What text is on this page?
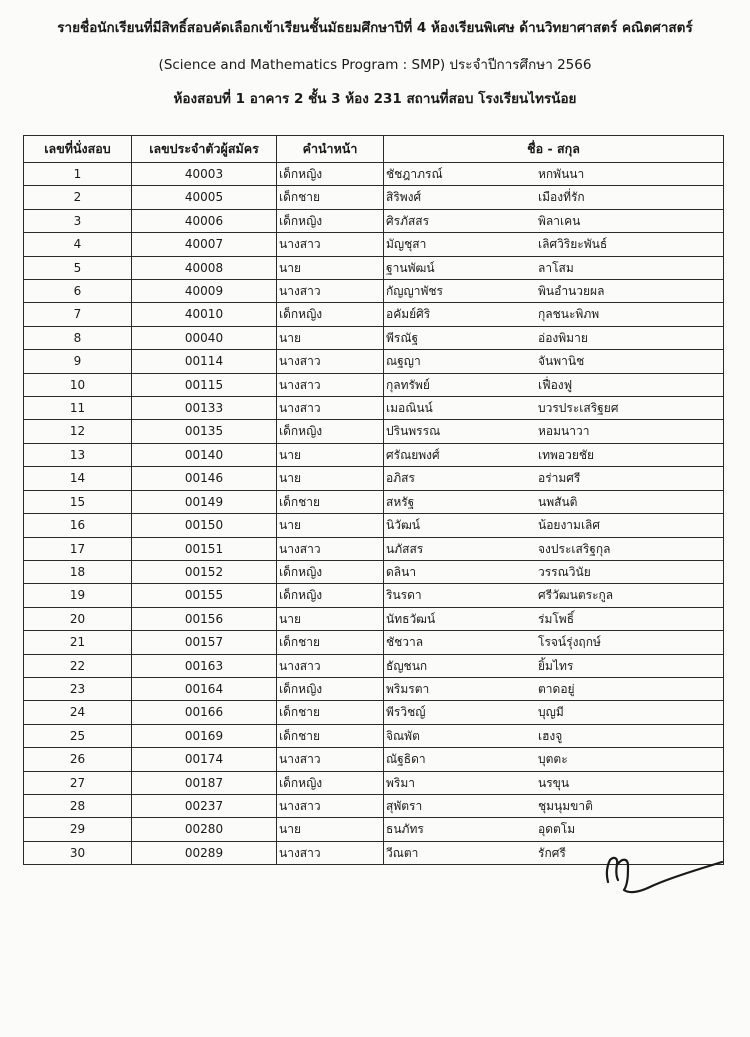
รายชื่อนักเรียนที่มีสิทธิ์สอบคัดเลือกเข้าเรียนชั้นมัธยมศึกษาปีที่ 4 ห้องเรียนพิเศษ ด้านวิทยาศาสตร์ คณิตศาสตร์
(Science and Mathematics Program : SMP) ประจำปีการศึกษา 2566
ห้องสอบที่ 1 อาคาร 2 ชั้น 3 ห้อง 231 สถานที่สอบ โรงเรียนไทรน้อย
เลขที่นั่งสอบ	เลขประจำตัวผู้สมัคร	คำนำหน้า	ชื่อ - สกุล
1	40003	เด็กหญิง	ชัชฎาภรณ์ หกพันนา
2	40005	เด็กชาย	สิริพงศ์ เมืองที่รัก
3	40006	เด็กหญิง	ศิรภัสสร พิลาเคน
4	40007	นางสาว	มัญชุสา เลิศวิริยะพันธ์
5	40008	นาย	ฐานพัฒน์ ลาโสม
6	40009	นางสาว	กัญญาพัชร พินอำนวยผล
7	40010	เด็กหญิง	อคัมย์ศิริ กุลชนะพิภพ
8	00040	นาย	พีรณัฐ อ่องพิมาย
9	00114	นางสาว	ณฐญา จันพานิช
10	00115	นางสาว	กุลทรัพย์ เฟื่องฟู
11	00133	นางสาว	เมอณินน์ บวรประเสริฐยศ
12	00135	เด็กหญิง	ปรินพรรณ หอมนาวา
13	00140	นาย	ศรัณยพงศ์ เทพอวยชัย
14	00146	นาย	อภิสร อร่ามศรี
15	00149	เด็กชาย	สหรัฐ นพสันติ
16	00150	นาย	นิวัฒน์ น้อยงามเลิศ
17	00151	นางสาว	นภัสสร จงประเสริฐกุล
18	00152	เด็กหญิง	ดลินา วรรณวินัย
19	00155	เด็กหญิง	รินรดา ศรีวัฒนตระกูล
20	00156	นาย	นัทธวัฒน์ ร่มโพธิ์
21	00157	เด็กชาย	ชัชวาล โรจน์รุ่งฤกษ์
22	00163	นางสาว	ธัญชนก ยิ้มไทร
23	00164	เด็กหญิง	พริมรตา ตาดอยู่
24	00166	เด็กชาย	พีรวิชญ์ บุญมี
25	00169	เด็กชาย	จิณพัต เฮงจู
26	00174	นางสาว	ณัฐธิดา บุตตะ
27	00187	เด็กหญิง	พริมา นรขุน
28	00237	นางสาว	สุพัตรา ชุมนุมขาติ
29	00280	นาย	ธนภัทร อุดตโม
30	00289	นางสาว	วีณตา รักศรี
